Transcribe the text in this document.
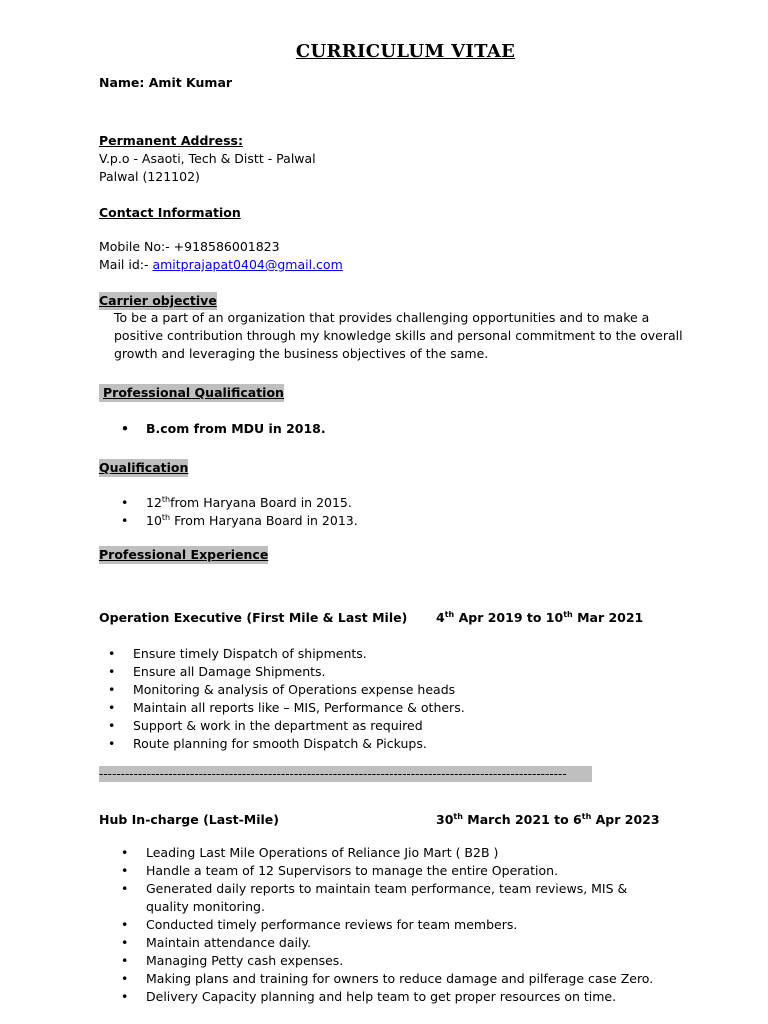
CURRICULUM VITAE
Name: Amit Kumar
Permanent Address:
V.p.o - Asaoti, Tech & Distt - Palwal
Palwal (121102)
Contact Information
Mobile No:- +918586001823
Mail id:- amitprajapat0404@gmail.com
Carrier objective
To be a part of an organization that provides challenging opportunities and to make a positive contribution through my knowledge skills and personal commitment to the overall growth and leveraging the business objectives of the same.
Professional Qualification
• B.com from MDU in 2018.
Qualification
• 12thfrom Haryana Board in 2015.
• 10th From Haryana Board in 2013.
Professional Experience
Operation Executive (First Mile & Last Mile) 4th Apr 2019 to 10th Mar 2021
• Ensure timely Dispatch of shipments.
• Ensure all Damage Shipments.
• Monitoring & analysis of Operations expense heads
• Maintain all reports like – MIS, Performance & others.
• Support & work in the department as required
• Route planning for smooth Dispatch & Pickups.
------------------------------------------------------------------------------------------------------------
Hub In-charge (Last-Mile)	30th March 2021 to 6th Apr 2023
• Leading Last Mile Operations of Reliance Jio Mart ( B2B )
• Handle a team of 12 Supervisors to manage the entire Operation.
• Generated daily reports to maintain team performance, team reviews, MIS & quality monitoring.
• Conducted timely performance reviews for team members.
• Maintain attendance daily.
• Managing Petty cash expenses.
• Making plans and training for owners to reduce damage and pilferage case Zero.
• Delivery Capacity planning and help team to get proper resources on time.
